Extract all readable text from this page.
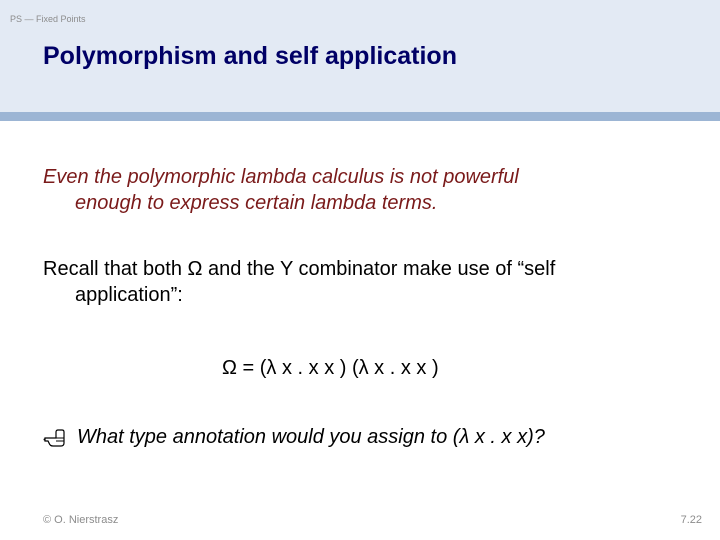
PS — Fixed Points
Polymorphism and self application
Even the polymorphic lambda calculus is not powerful
enough to express certain lambda terms.
Recall that both Ω and the Y combinator make use of “self
application”:
Ω = (λ x . x x ) (λ x . x x )
What type annotation would you assign to (λ x . x x)?
© O. Nierstrasz	7.22
